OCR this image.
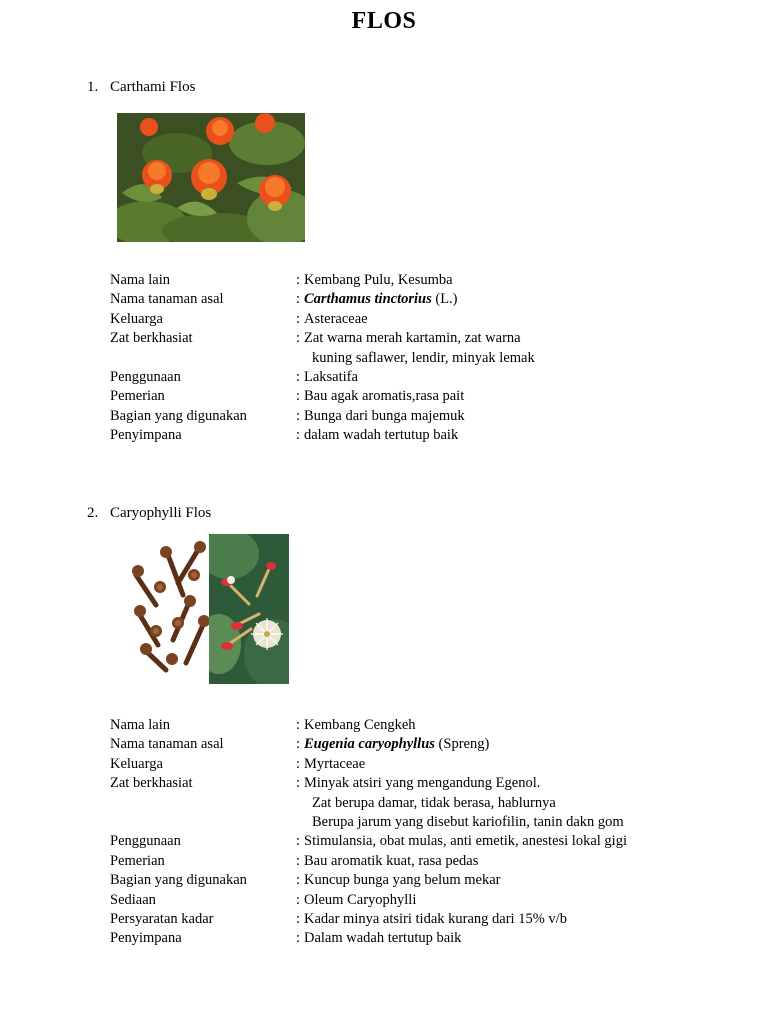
FLOS
1. Carthami Flos
Nama lain	: Kembang Pulu, Kesumba
Nama tanaman asal	: Carthamus tinctorius (L.)
Keluarga	: Asteraceae
Zat berkhasiat	: Zat warna merah kartamin, zat warna
kuning saflawer, lendir, minyak lemak
Penggunaan	: Laksatifa
Pemerian	: Bau agak aromatis,rasa pait
Bagian yang digunakan	: Bunga dari bunga majemuk
Penyimpana	: dalam wadah tertutup baik
2. Caryophylli Flos
Nama lain	: Kembang Cengkeh
Nama tanaman asal	: Eugenia caryophyllus (Spreng)
Keluarga	: Myrtaceae
Zat berkhasiat	: Minyak atsiri yang mengandung Egenol.
Zat berupa damar, tidak berasa, hablurnya
Berupa jarum yang disebut kariofilin, tanin dakn gom
Penggunaan	: Stimulansia, obat mulas, anti emetik, anestesi lokal gigi
Pemerian	: Bau aromatik kuat, rasa pedas
Bagian yang digunakan	: Kuncup bunga yang belum mekar
Sediaan	: Oleum Caryophylli
Persyaratan kadar	: Kadar minya atsiri tidak kurang dari 15% v/b
Penyimpana	: Dalam wadah tertutup baik
